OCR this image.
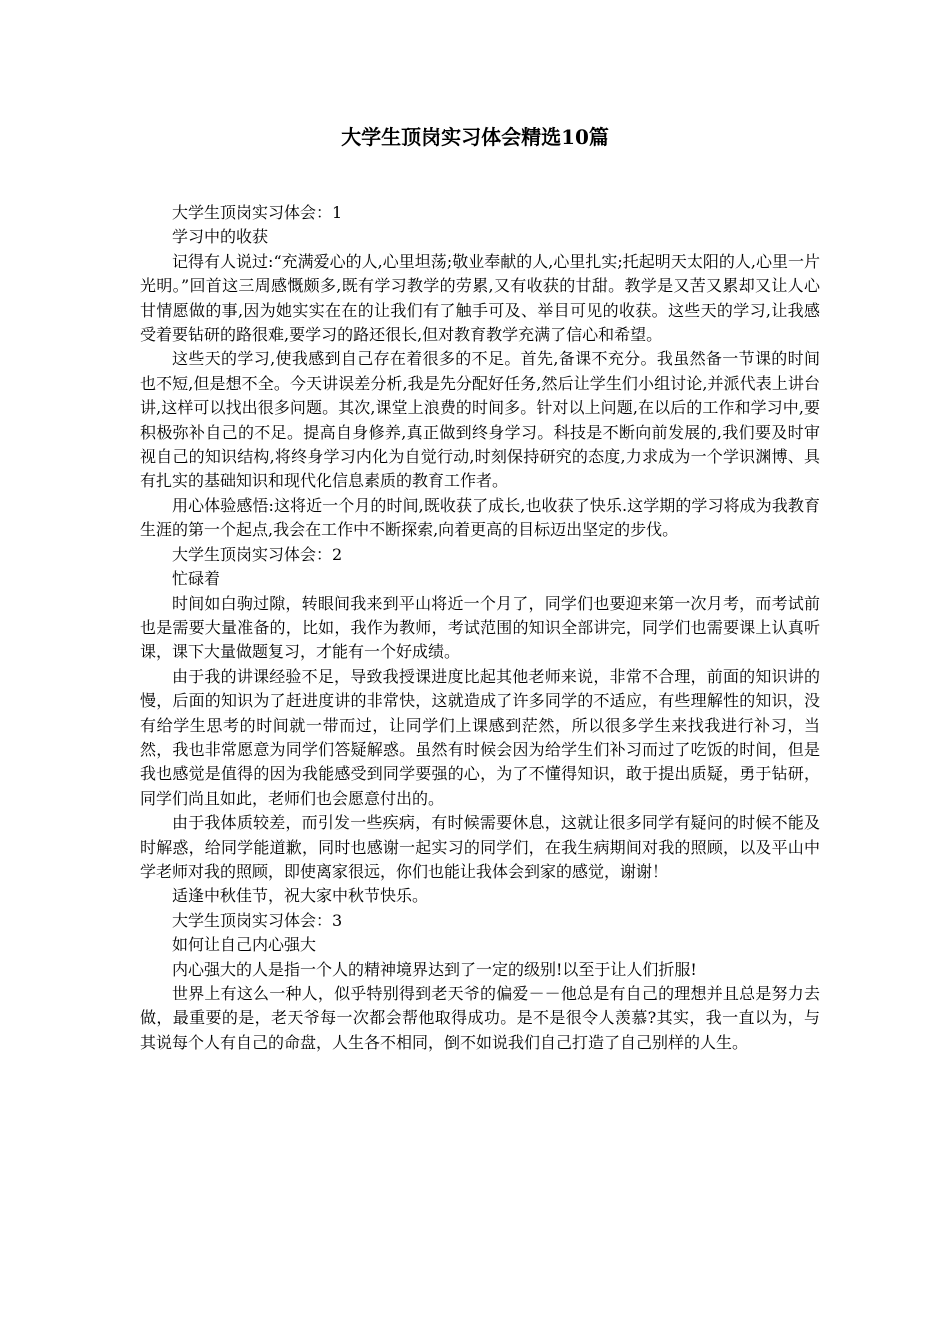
大学生顶岗实习体会精选10篇

大学生顶岗实习体会：1

学习中的收获

记得有人说过:“充满爱心的人,心里坦荡;敬业奉献的人,心里扎实;托起明天太阳的人,心里一片光明。”回首这三周感慨颇多,既有学习教学的劳累,又有收获的甘甜。教学是又苦又累却又让人心甘情愿做的事,因为她实实在在的让我们有了触手可及、举目可见的收获。这些天的学习,让我感受着要钻研的路很难,要学习的路还很长,但对教育教学充满了信心和希望。

这些天的学习,使我感到自己存在着很多的不足。首先,备课不充分。我虽然备一节课的时间也不短,但是想不全。今天讲误差分析,我是先分配好任务,然后让学生们小组讨论,并派代表上讲台讲,这样可以找出很多问题。其次,课堂上浪费的时间多。针对以上问题,在以后的工作和学习中,要积极弥补自己的不足。提高自身修养,真正做到终身学习。科技是不断向前发展的,我们要及时审视自己的知识结构,将终身学习内化为自觉行动,时刻保持研究的态度,力求成为一个学识渊博、具有扎实的基础知识和现代化信息素质的教育工作者。

用心体验感悟:这将近一个月的时间,既收获了成长,也收获了快乐.这学期的学习将成为我教育生涯的第一个起点,我会在工作中不断探索,向着更高的目标迈出坚定的步伐。

大学生顶岗实习体会：2

忙碌着

时间如白驹过隙，转眼间我来到平山将近一个月了，同学们也要迎来第一次月考，而考试前也是需要大量准备的，比如，我作为教师，考试范围的知识全部讲完，同学们也需要课上认真听课，课下大量做题复习，才能有一个好成绩。

由于我的讲课经验不足，导致我授课进度比起其他老师来说，非常不合理，前面的知识讲的慢，后面的知识为了赶进度讲的非常快，这就造成了许多同学的不适应，有些理解性的知识，没有给学生思考的时间就一带而过，让同学们上课感到茫然，所以很多学生来找我进行补习，当然，我也非常愿意为同学们答疑解惑。虽然有时候会因为给学生们补习而过了吃饭的时间，但是我也感觉是值得的因为我能感受到同学要强的心，为了不懂得知识，敢于提出质疑，勇于钻研，同学们尚且如此，老师们也会愿意付出的。

由于我体质较差，而引发一些疾病，有时候需要休息，这就让很多同学有疑问的时候不能及时解惑，给同学能道歉，同时也感谢一起实习的同学们，在我生病期间对我的照顾，以及平山中学老师对我的照顾，即使离家很远，你们也能让我体会到家的感觉，谢谢！

适逢中秋佳节，祝大家中秋节快乐。

大学生顶岗实习体会：3

如何让自己内心强大

内心强大的人是指一个人的精神境界达到了一定的级别!以至于让人们折服!

世界上有这么一种人，似乎特别得到老天爷的偏爱－－他总是有自己的理想并且总是努力去做，最重要的是，老天爷每一次都会帮他取得成功。是不是很令人羡慕?其实，我一直以为，与其说每个人有自己的命盘，人生各不相同，倒不如说我们自己打造了自己别样的人生。
